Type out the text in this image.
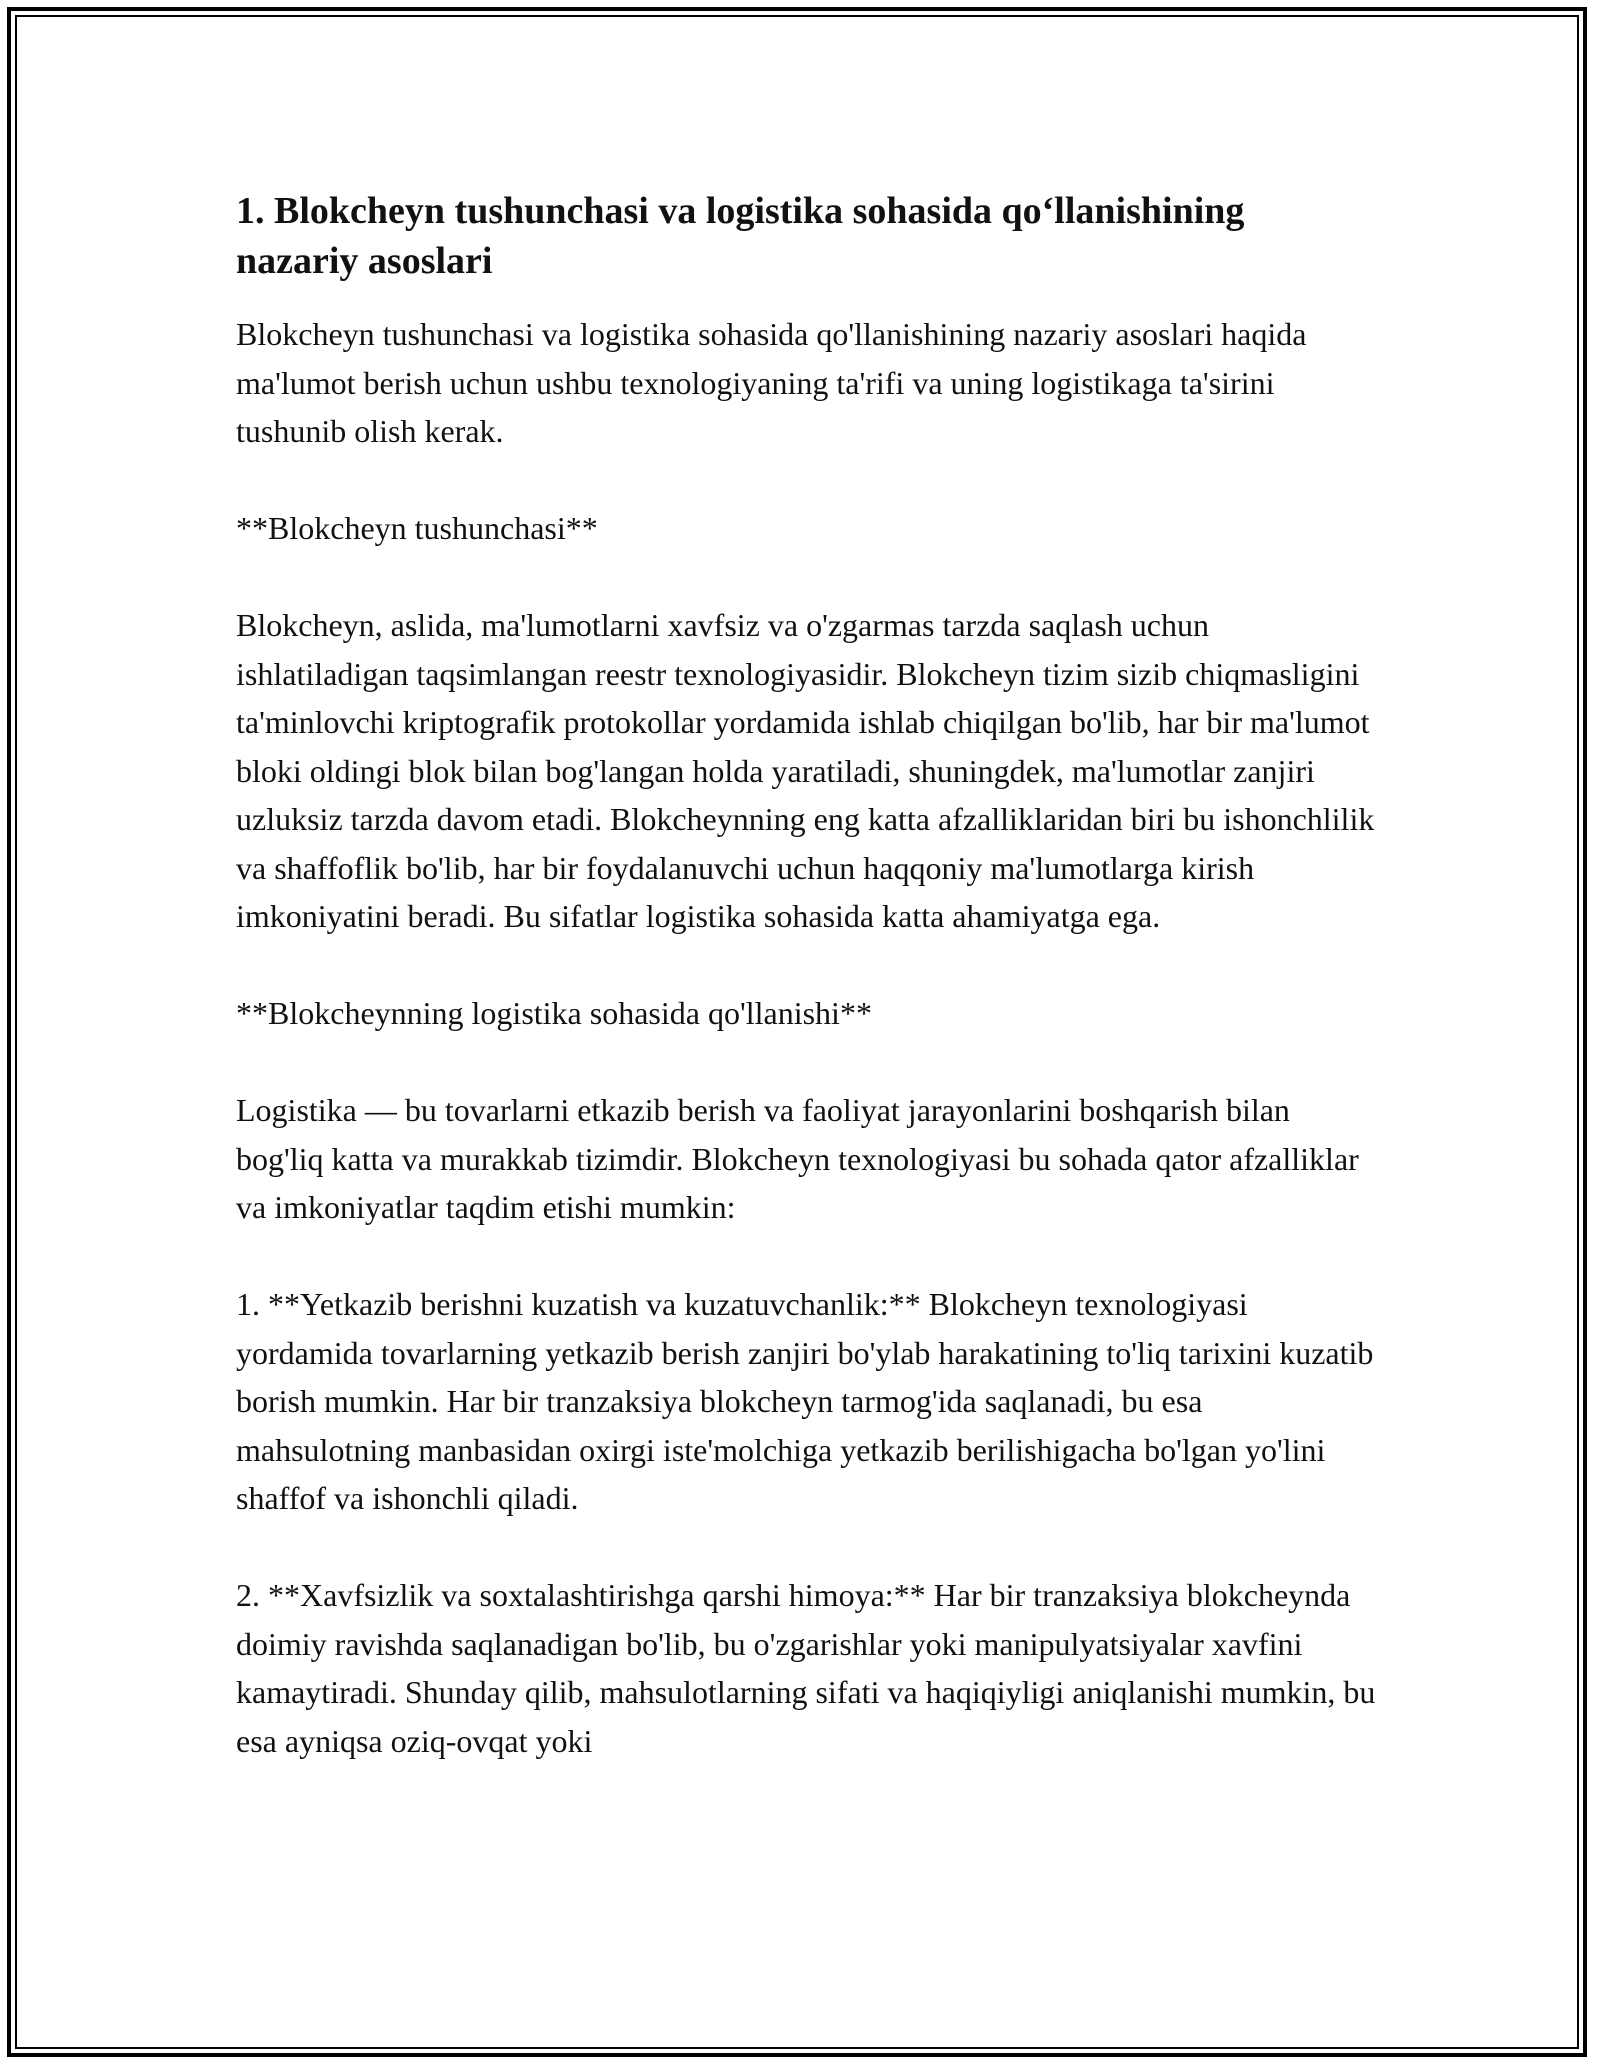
1. Blokcheyn tushunchasi va logistika sohasida qo‘llanishining nazariy asoslari

Blokcheyn tushunchasi va logistika sohasida qo'llanishining nazariy asoslari haqida ma'lumot berish uchun ushbu texnologiyaning ta'rifi va uning logistikaga ta'sirini tushunib olish kerak.

**Blokcheyn tushunchasi**

Blokcheyn, aslida, ma'lumotlarni xavfsiz va o'zgarmas tarzda saqlash uchun ishlatiladigan taqsimlangan reestr texnologiyasidir. Blokcheyn tizim sizib chiqmasligini ta'minlovchi kriptografik protokollar yordamida ishlab chiqilgan bo'lib, har bir ma'lumot bloki oldingi blok bilan bog'langan holda yaratiladi, shuningdek, ma'lumotlar zanjiri uzluksiz tarzda davom etadi. Blokcheynning eng katta afzalliklaridan biri bu ishonchlilik va shaffoflik bo'lib, har bir foydalanuvchi uchun haqqoniy ma'lumotlarga kirish imkoniyatini beradi. Bu sifatlar logistika sohasida katta ahamiyatga ega.

**Blokcheynning logistika sohasida qo'llanishi**

Logistika — bu tovarlarni etkazib berish va faoliyat jarayonlarini boshqarish bilan bog'liq katta va murakkab tizimdir. Blokcheyn texnologiyasi bu sohada qator afzalliklar va imkoniyatlar taqdim etishi mumkin:

1. **Yetkazib berishni kuzatish va kuzatuvchanlik:** Blokcheyn texnologiyasi yordamida tovarlarning yetkazib berish zanjiri bo'ylab harakatining to'liq tarixini kuzatib borish mumkin. Har bir tranzaksiya blokcheyn tarmog'ida saqlanadi, bu esa mahsulotning manbasidan oxirgi iste'molchiga yetkazib berilishigacha bo'lgan yo'lini shaffof va ishonchli qiladi.

2. **Xavfsizlik va soxtalashtirishga qarshi himoya:** Har bir tranzaksiya blokcheynda doimiy ravishda saqlanadigan bo'lib, bu o'zgarishlar yoki manipulyatsiyalar xavfini kamaytiradi. Shunday qilib, mahsulotlarning sifati va haqiqiyligi aniqlanishi mumkin, bu esa ayniqsa oziq-ovqat yoki
